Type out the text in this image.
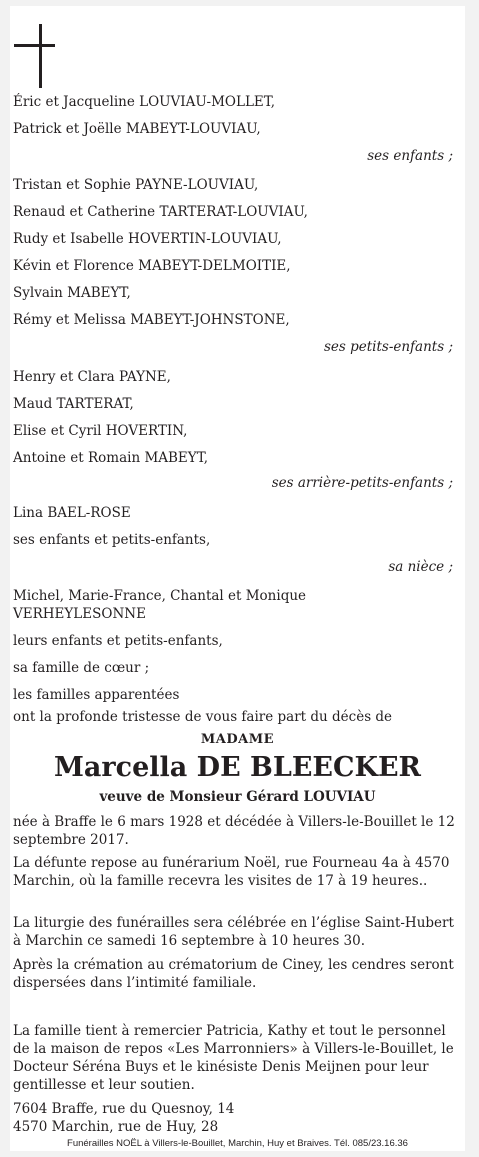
Éric et Jacqueline LOUVIAU-MOLLET,
Patrick et Joëlle MABEYT-LOUVIAU,
ses enfants ;
Tristan et Sophie PAYNE-LOUVIAU,
Renaud et Catherine TARTERAT-LOUVIAU,
Rudy et Isabelle HOVERTIN-LOUVIAU,
Kévin et Florence MABEYT-DELMOITIE,
Sylvain MABEYT,
Rémy et Melissa MABEYT-JOHNSTONE,
ses petits-enfants ;
Henry et Clara PAYNE,
Maud TARTERAT,
Elise et Cyril HOVERTIN,
Antoine et Romain MABEYT,
ses arrière-petits-enfants ;
Lina BAEL-ROSE
ses enfants et petits-enfants,
sa nièce ;
Michel, Marie-France, Chantal et Monique
VERHEYLESONNE
leurs enfants et petits-enfants,
sa famille de cœur ;
les familles apparentées
ont la profonde tristesse de vous faire part du décès de
MADAME
Marcella DE BLEECKER
veuve de Monsieur Gérard LOUVIAU
née à Braffe le 6 mars 1928 et décédée à Villers-le-Bouillet le 12 septembre 2017.
La défunte repose au funérarium Noël, rue Fourneau 4a à 4570 Marchin, où la famille recevra les visites de 17 à 19 heures..
La liturgie des funérailles sera célébrée en l’église Saint-Hubert à Marchin ce samedi 16 septembre à 10 heures 30.
Après la crémation au crématorium de Ciney, les cendres seront dispersées dans l’intimité familiale.
La famille tient à remercier Patricia, Kathy et tout le personnel de la maison de repos «Les Marronniers» à Villers-le-Bouillet, le Docteur Séréna Buys et le kinésiste Denis Meijnen pour leur gentillesse et leur soutien.
7604 Braffe, rue du Quesnoy, 14
4570 Marchin, rue de Huy, 28
Funérailles NOËL à Villers-le-Bouillet, Marchin, Huy et Braives. Tél. 085/23.16.36
